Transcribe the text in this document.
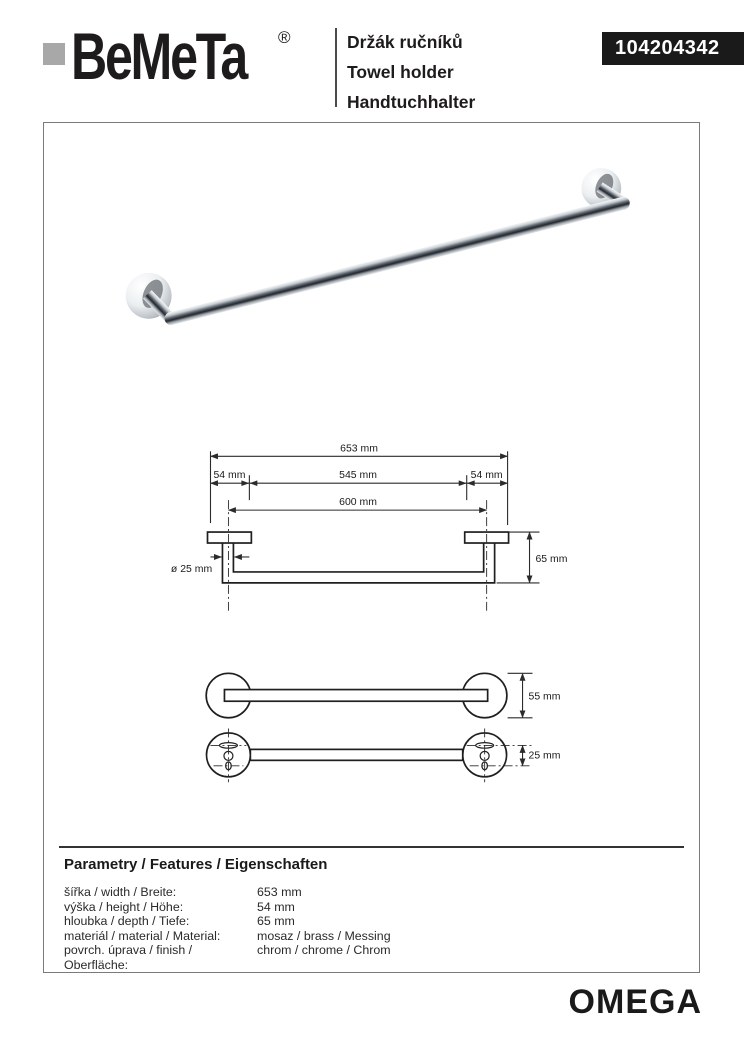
BeMeTa ®	Držák ručníků
Towel holder
Handtuchhalter
104204342
653 mm
54 mm	545 mm	54 mm
600 mm
ø 25 mm
65 mm
55 mm
25 mm
Parametry / Features / Eigenschaften
šířka / width / Breite:	653 mm
výška / height / Höhe:	54 mm
hloubka / depth / Tiefe:	65 mm
materiál / material / Material:	mosaz / brass / Messing
povrch. úprava / finish / Oberfläche:
chrom / chrome / Chrom
OMEGA
